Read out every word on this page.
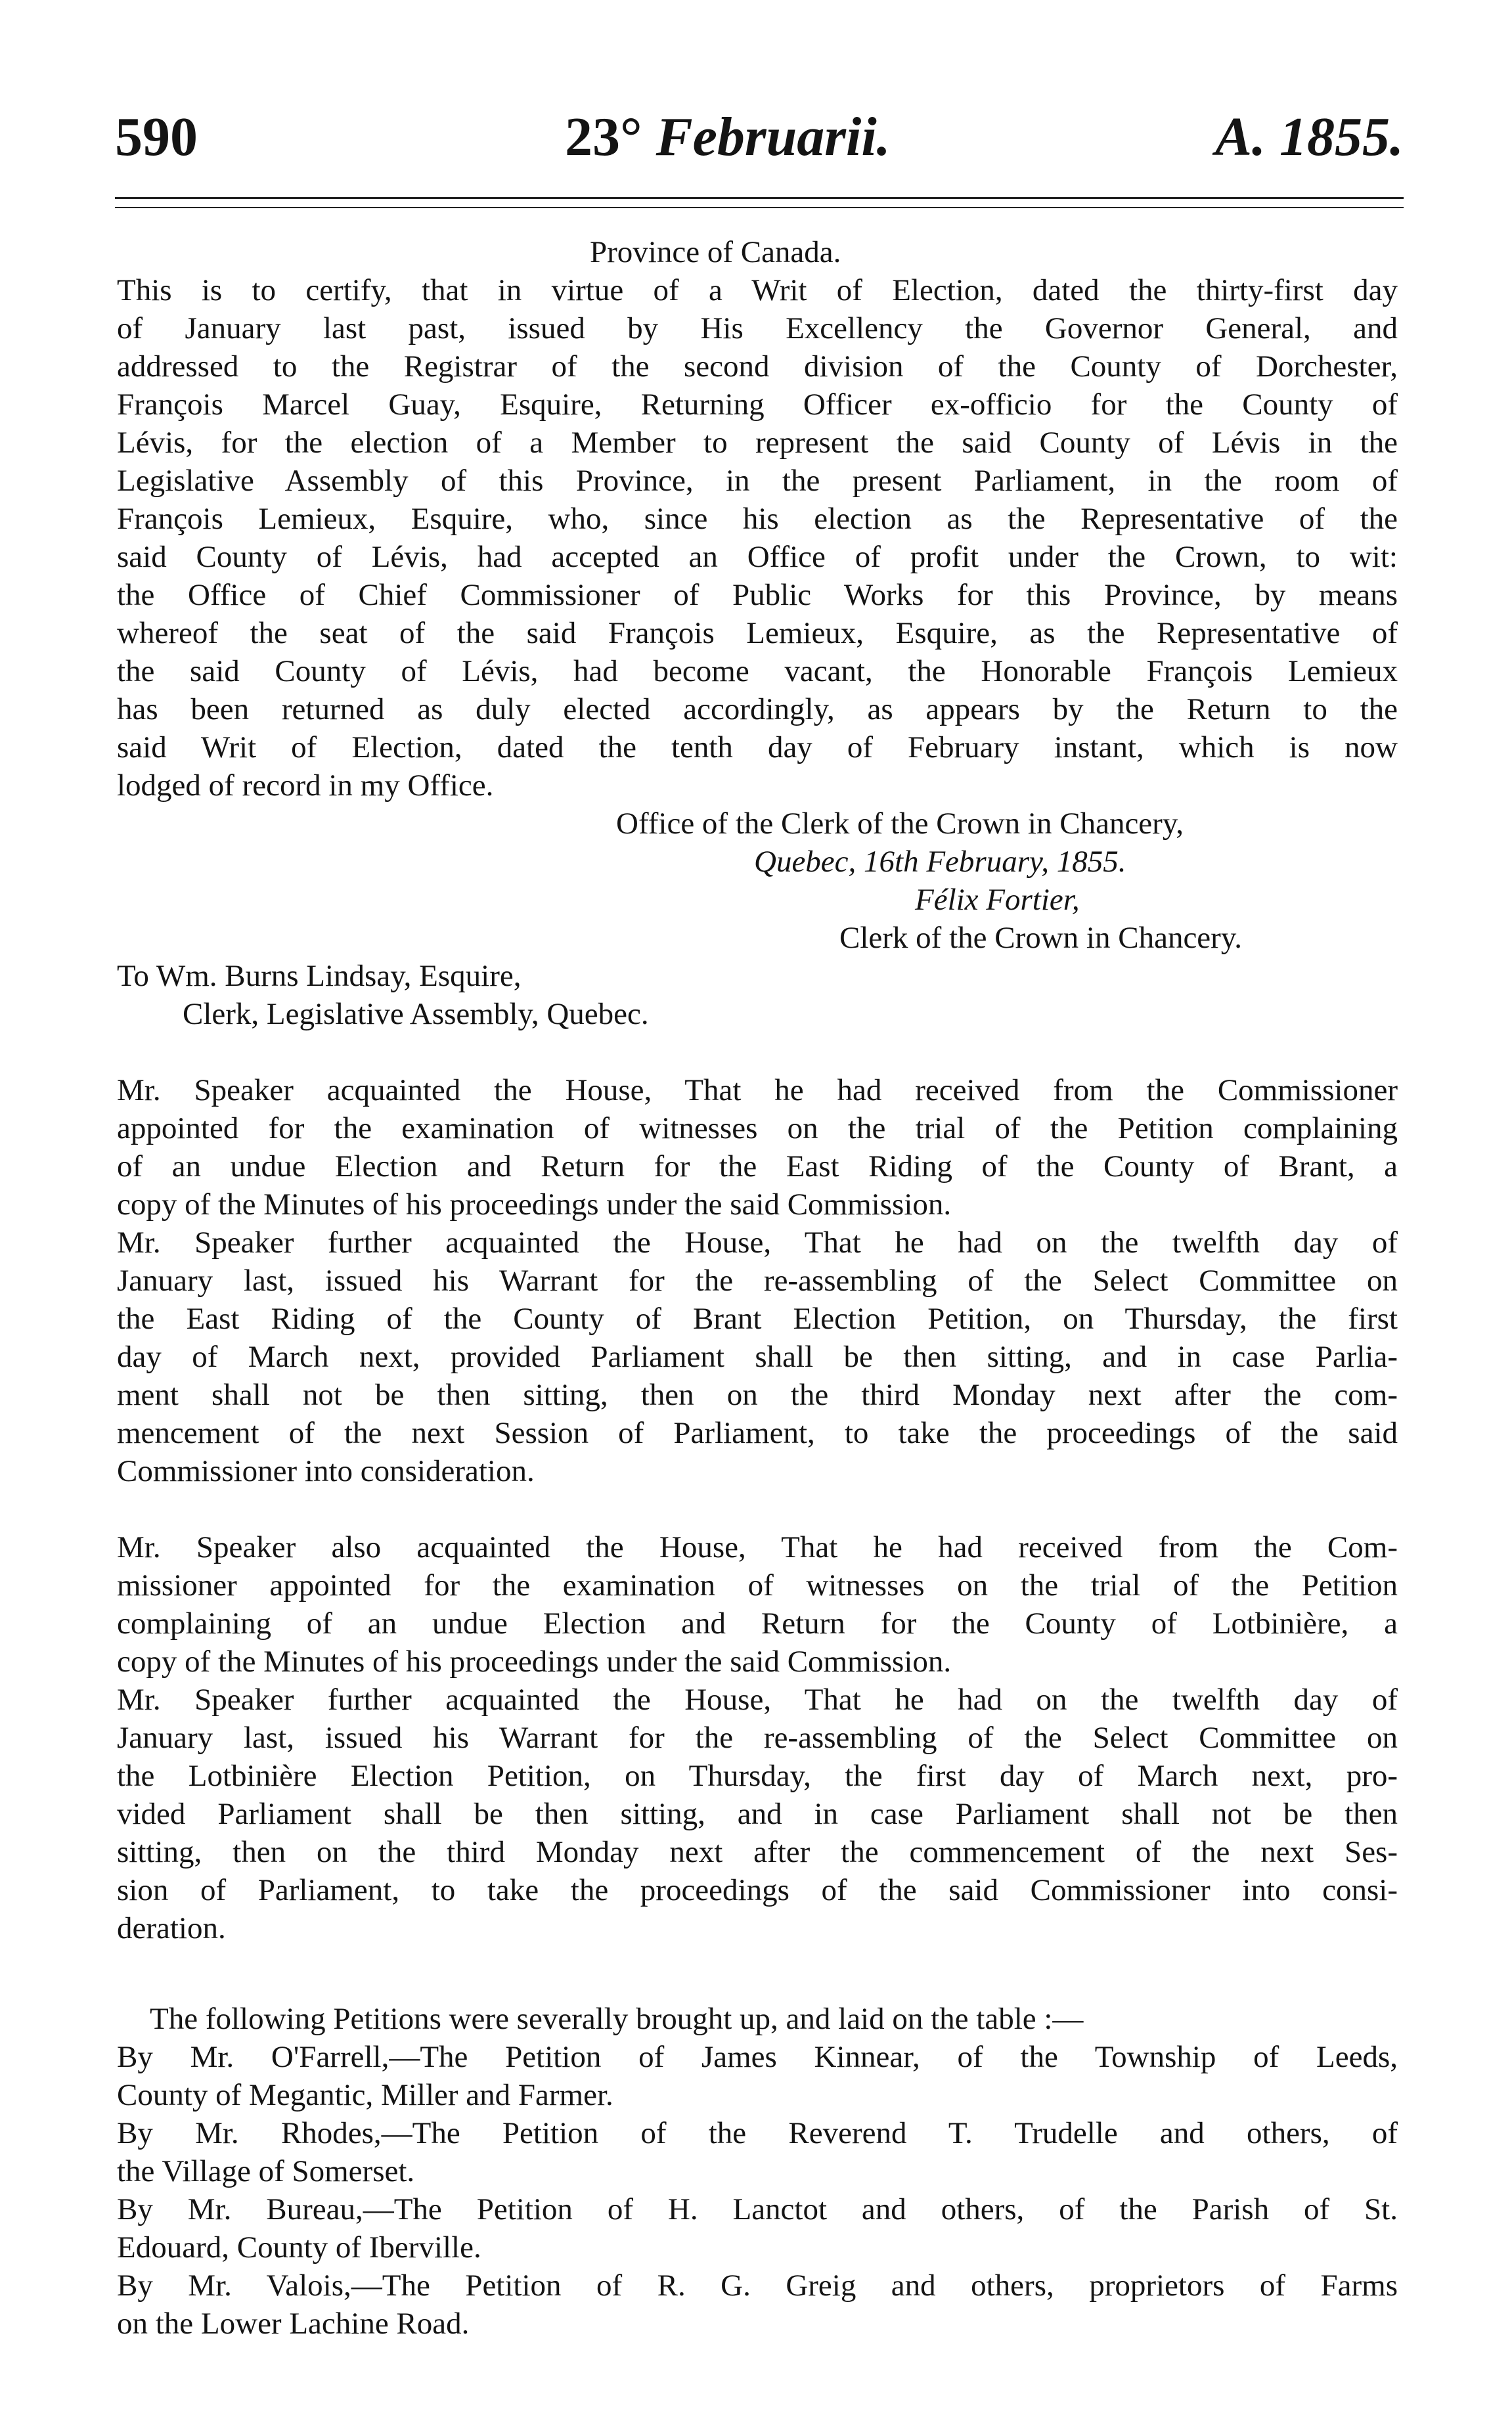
590	23° Februarii.	A. 1855.
Province of Canada.
This is to certify, that in virtue of a Writ of Election, dated the thirty-first day
of January last past, issued by His Excellency the Governor General, and
addressed to the Registrar of the second division of the County of Dorchester,
François Marcel Guay, Esquire, Returning Officer ex-officio for the County of
Lévis, for the election of a Member to represent the said County of Lévis in the
Legislative Assembly of this Province, in the present Parliament, in the room of
François Lemieux, Esquire, who, since his election as the Representative of the
said County of Lévis, had accepted an Office of profit under the Crown, to wit:
the Office of Chief Commissioner of Public Works for this Province, by means
whereof the seat of the said François Lemieux, Esquire, as the Representative of
the said County of Lévis, had become vacant, the Honorable François Lemieux
has been returned as duly elected accordingly, as appears by the Return to the
said Writ of Election, dated the tenth day of February instant, which is now
lodged of record in my Office.
Office of the Clerk of the Crown in Chancery,
Quebec, 16th February, 1855.
Félix Fortier,
Clerk of the Crown in Chancery.
To Wm. Burns Lindsay, Esquire,
Clerk, Legislative Assembly, Quebec.
Mr. Speaker acquainted the House, That he had received from the Commissioner
appointed for the examination of witnesses on the trial of the Petition complaining
of an undue Election and Return for the East Riding of the County of Brant, a
copy of the Minutes of his proceedings under the said Commission.
Mr. Speaker further acquainted the House, That he had on the twelfth day of
January last, issued his Warrant for the re-assembling of the Select Committee on
the East Riding of the County of Brant Election Petition, on Thursday, the first
day of March next, provided Parliament shall be then sitting, and in case Parlia-
ment shall not be then sitting, then on the third Monday next after the com-
mencement of the next Session of Parliament, to take the proceedings of the said
Commissioner into consideration.
Mr. Speaker also acquainted the House, That he had received from the Com-
missioner appointed for the examination of witnesses on the trial of the Petition
complaining of an undue Election and Return for the County of Lotbinière, a
copy of the Minutes of his proceedings under the said Commission.
Mr. Speaker further acquainted the House, That he had on the twelfth day of
January last, issued his Warrant for the re-assembling of the Select Committee on
the Lotbinière Election Petition, on Thursday, the first day of March next, pro-
vided Parliament shall be then sitting, and in case Parliament shall not be then
sitting, then on the third Monday next after the commencement of the next Ses-
sion of Parliament, to take the proceedings of the said Commissioner into consi-
deration.
The following Petitions were severally brought up, and laid on the table :—
By Mr. O'Farrell,—The Petition of James Kinnear, of the Township of Leeds,
County of Megantic, Miller and Farmer.
By Mr. Rhodes,—The Petition of the Reverend T. Trudelle and others, of
the Village of Somerset.
By Mr. Bureau,—The Petition of H. Lanctot and others, of the Parish of St.
Edouard, County of Iberville.
By Mr. Valois,—The Petition of R. G. Greig and others, proprietors of Farms
on the Lower Lachine Road.
